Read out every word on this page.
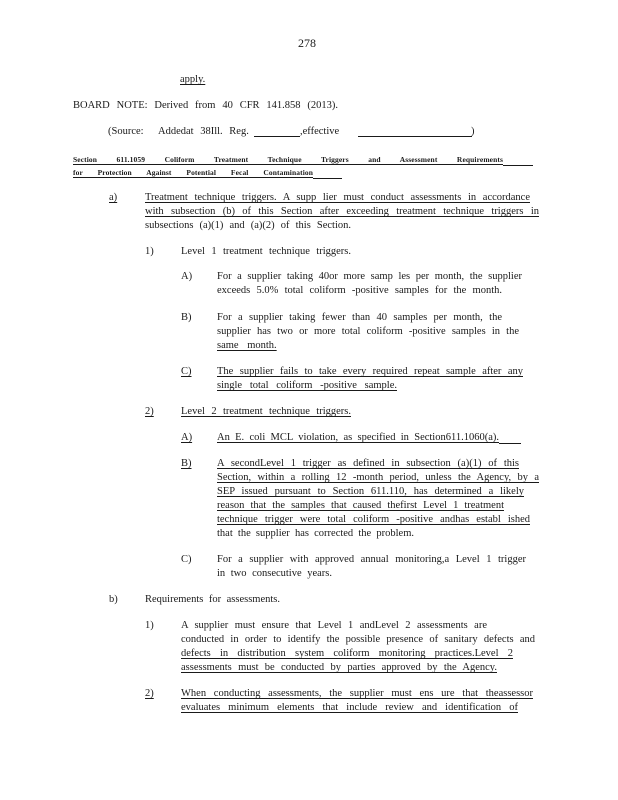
278
apply.
BOARD NOTE: Derived from 40 CFR 141.858 (2013).
(Source: Addedat 38Ill. Reg.	,effective	)
Section 611.1059 Coliform Treatment Technique Triggers and Assessment Requirements
for Protection Against Potential Fecal Contamination
a)	Treatment technique triggers. A supp lier must conduct assessments in accordance
with subsection (b) of this Section after exceeding treatment technique triggers in
subsections (a)(1) and (a)(2) of this Section.
1)	Level 1 treatment technique triggers.
A) For a supplier taking 40or more samp les per month, the supplier
exceeds 5.0% total coliform -positive samples for the month.
B) For a supplier taking fewer than 40 samples per month, the
supplier has two or more total coliform -positive samples in the
same month.
C) The supplier fails to take every required repeat sample after any
single total coliform -positive sample.
2)	Level 2 treatment technique triggers.
A) An E. coli MCL violation, as specified in Section611.1060(a).
B) A secondLevel 1 trigger as defined in subsection (a)(1) of this
Section, within a rolling 12 -month period, unless the Agency, by a
SEP issued pursuant to Section 611.110, has determined a likely
reason that the samples that caused thefirst Level 1 treatment
technique trigger were total coliform -positive andhas establ ished
that the supplier has corrected the problem.
C) For a supplier with approved annual monitoring,a Level 1 trigger
in two consecutive years.
b)	Requirements for assessments.
1)	A supplier must ensure that Level 1 andLevel 2 assessments are
conducted in order to identify the possible presence of sanitary defects and
defects in distribution system coliform monitoring practices.Level 2
assessments must be conducted by parties approved by the Agency.
2)	When conducting assessments, the supplier must ens ure that theassessor
evaluates minimum elements that include review and identification of
